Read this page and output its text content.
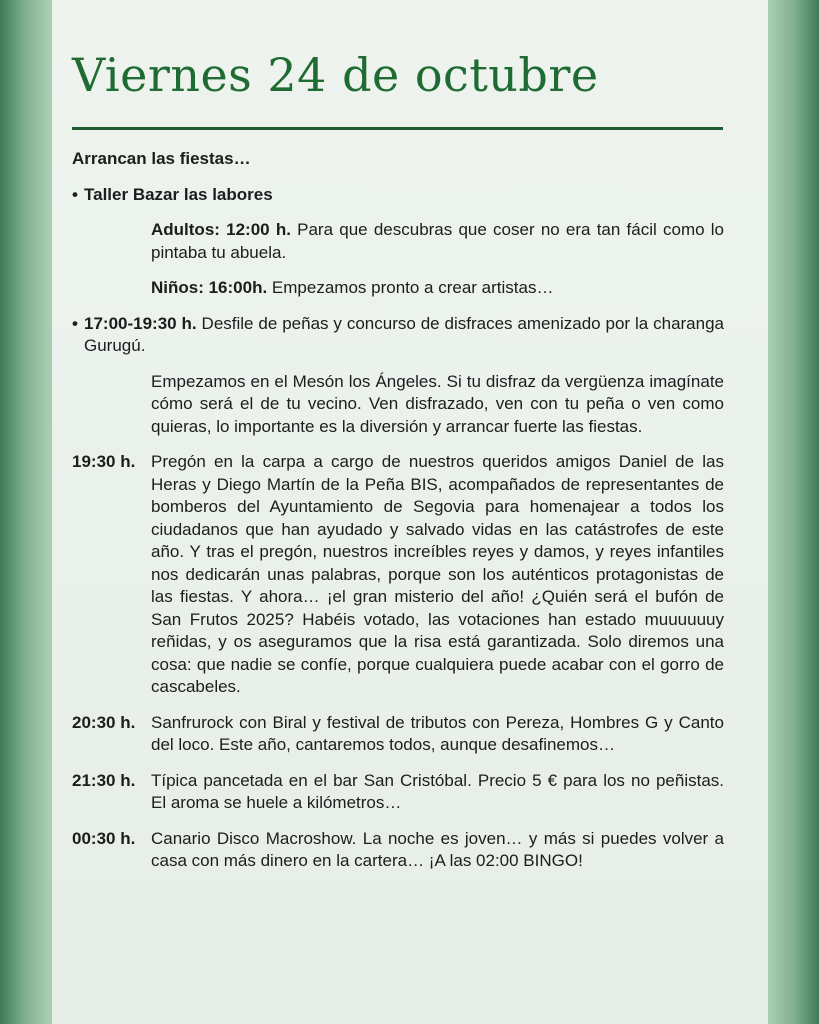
Viernes 24 de octubre

Arrancan las fiestas…

• Taller Bazar las labores

Adultos: 12:00 h. Para que descubras que coser no era tan fácil como lo pintaba tu abuela.

Niños: 16:00h. Empezamos pronto a crear artistas…

• 17:00-19:30 h. Desfile de peñas y concurso de disfraces amenizado por la charanga Gurugú.

Empezamos en el Mesón los Ángeles. Si tu disfraz da vergüenza imagínate cómo será el de tu vecino. Ven disfrazado, ven con tu peña o ven como quieras, lo importante es la diversión y arrancar fuerte las fiestas.

19:30 h. Pregón en la carpa a cargo de nuestros queridos amigos Daniel de las Heras y Diego Martín de la Peña BIS, acompañados de representantes de bomberos del Ayuntamiento de Segovia para homenajear a todos los ciudadanos que han ayudado y salvado vidas en las catástrofes de este año. Y tras el pregón, nuestros increíbles reyes y damos, y reyes infantiles nos dedicarán unas palabras, porque son los auténticos protagonistas de las fiestas. Y ahora… ¡el gran misterio del año! ¿Quién será el bufón de San Frutos 2025? Habéis votado, las votaciones han estado muuuuuuy reñidas, y os aseguramos que la risa está garantizada. Solo diremos una cosa: que nadie se confíe, porque cualquiera puede acabar con el gorro de cascabeles.
20:30 h. Sanfrurock con Biral y festival de tributos con Pereza, Hombres G y Canto del loco. Este año, cantaremos todos, aunque desafinemos…
21:30 h. Típica pancetada en el bar San Cristóbal. Precio 5 € para los no peñistas. El aroma se huele a kilómetros…
00:30 h. Canario Disco Macroshow. La noche es joven… y más si puedes volver a casa con más dinero en la cartera… ¡A las 02:00 BINGO!
